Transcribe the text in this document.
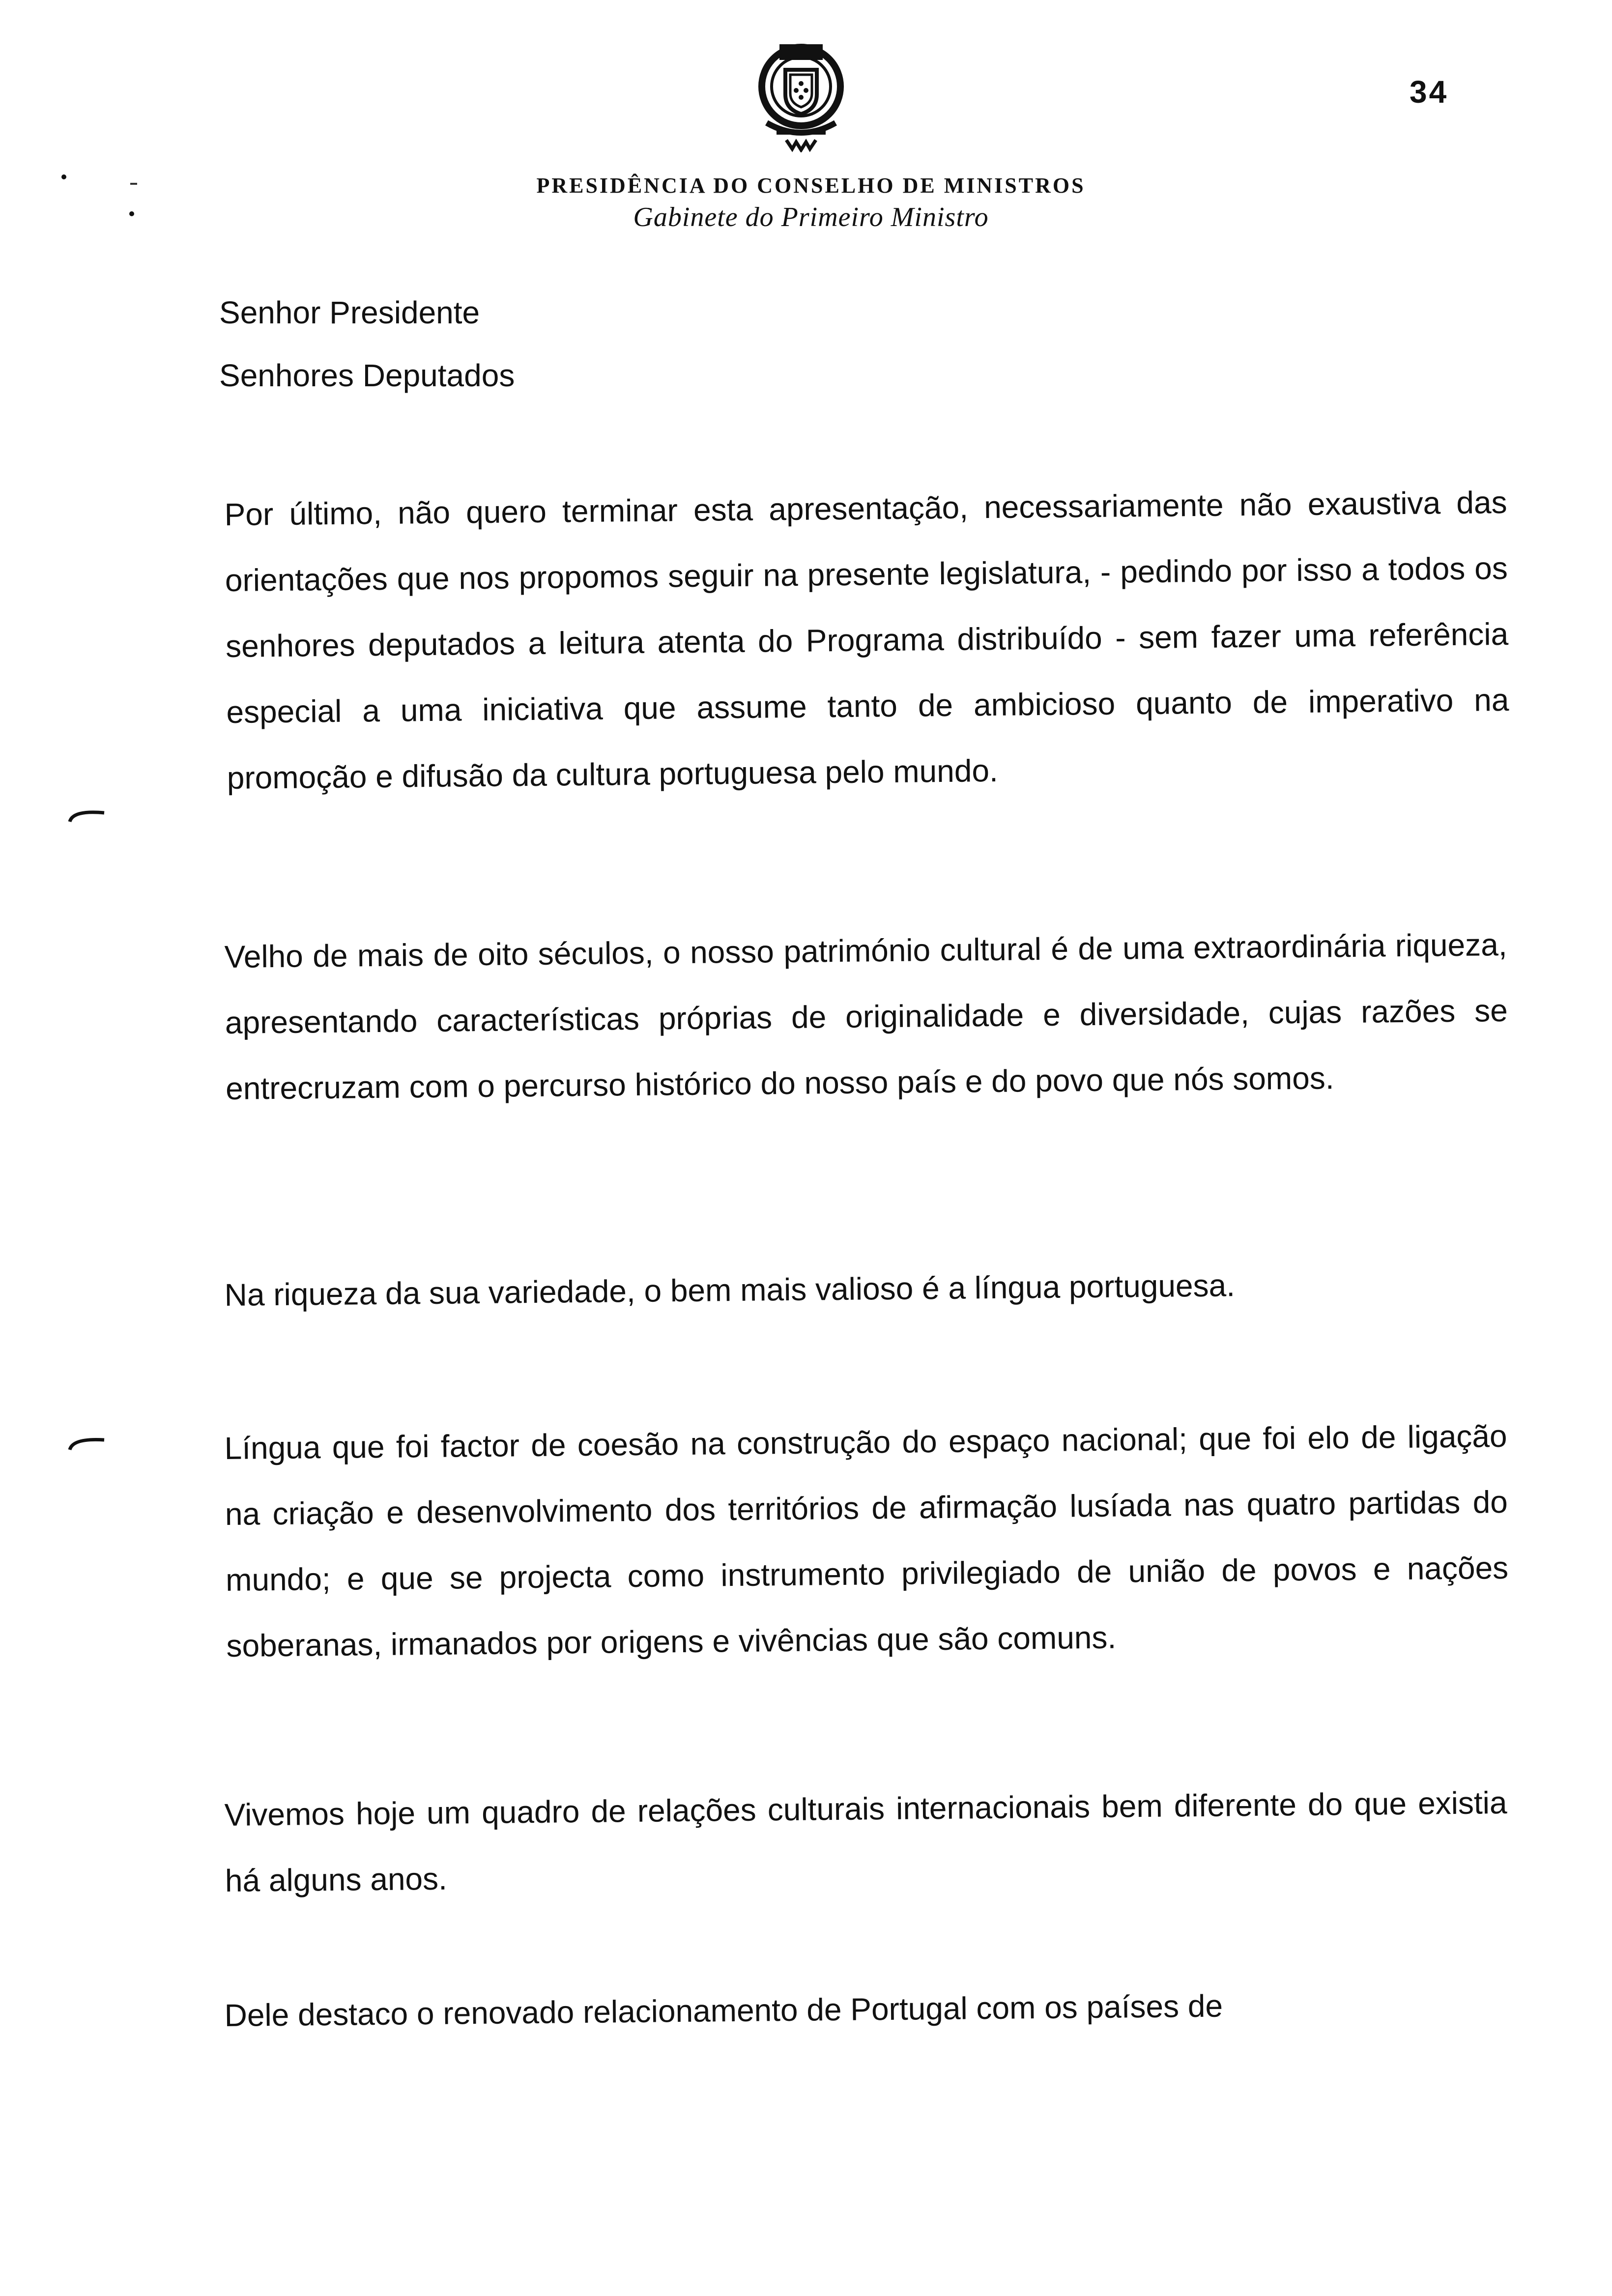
34
PRESIDÊNCIA DO CONSELHO DE MINISTROS
Gabinete do Primeiro Ministro
Senhor Presidente
Senhores Deputados
Por último, não quero terminar esta apresentação, necessariamente não exaustiva das orientações que nos propomos seguir na presente legislatura, - pedindo por isso a todos os senhores deputados a leitura atenta do Programa distribuído - sem fazer uma referência especial a uma iniciativa que assume tanto de ambicioso quanto de imperativo na promoção e difusão da cultura portuguesa pelo mundo.
Velho de mais de oito séculos, o nosso património cultural é de uma extraordinária riqueza, apresentando características próprias de originalidade e diversidade, cujas razões se entrecruzam com o percurso histórico do nosso país e do povo que nós somos.
Na riqueza da sua variedade, o bem mais valioso é a língua portuguesa.
Língua que foi factor de coesão na construção do espaço nacional; que foi elo de ligação na criação e desenvolvimento dos territórios de afirmação lusíada nas quatro partidas do mundo; e que se projecta como instrumento privilegiado de união de povos e nações soberanas, irmanados por origens e vivências que são comuns.
Vivemos hoje um quadro de relações culturais internacionais bem diferente do que existia há alguns anos.
Dele destaco o renovado relacionamento de Portugal com os países de
